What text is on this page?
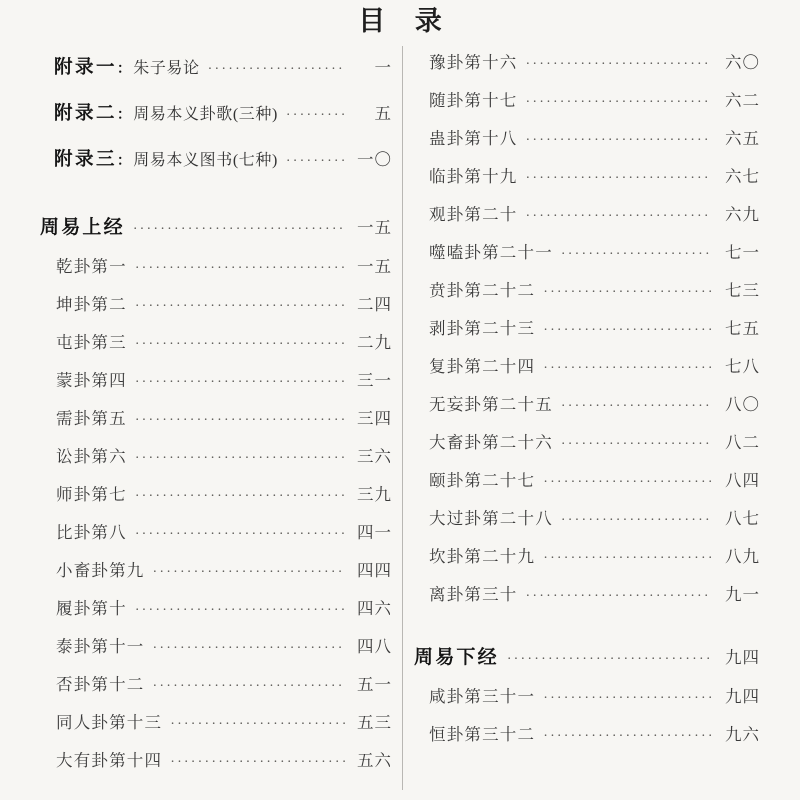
目 录
附录一：朱子易论 ·····	一
附录二：周易本义卦歌(三种) ·····	五
附录三：周易本义图书(七种) ·····	一〇
周易上经 ·····	一五
乾卦第一 ·····	一五
坤卦第二 ·····	二四
屯卦第三 ·····	二九
蒙卦第四 ·····	三一
需卦第五 ·····	三四
讼卦第六 ·····	三六
师卦第七 ·····	三九
比卦第八 ·····	四一
小畜卦第九 ·····	四四
履卦第十 ·····	四六
泰卦第十一 ·····	四八
否卦第十二 ·····	五一
同人卦第十三 ·····	五三
大有卦第十四 ·····	五六
豫卦第十六 ·····	六〇
随卦第十七 ·····	六二
蛊卦第十八 ·····	六五
临卦第十九 ·····	六七
观卦第二十 ·····	六九
噬嗑卦第二十一 ·····	七一
贲卦第二十二 ·····	七三
剥卦第二十三 ·····	七五
复卦第二十四 ·····	七八
无妄卦第二十五 ·····	八〇
大畜卦第二十六 ·····	八二
颐卦第二十七 ·····	八四
大过卦第二十八 ·····	八七
坎卦第二十九 ·····	八九
离卦第三十 ·····	九一
周易下经 ·····	九四
咸卦第三十一 ·····	九四
恒卦第三十二 ·····	九六
